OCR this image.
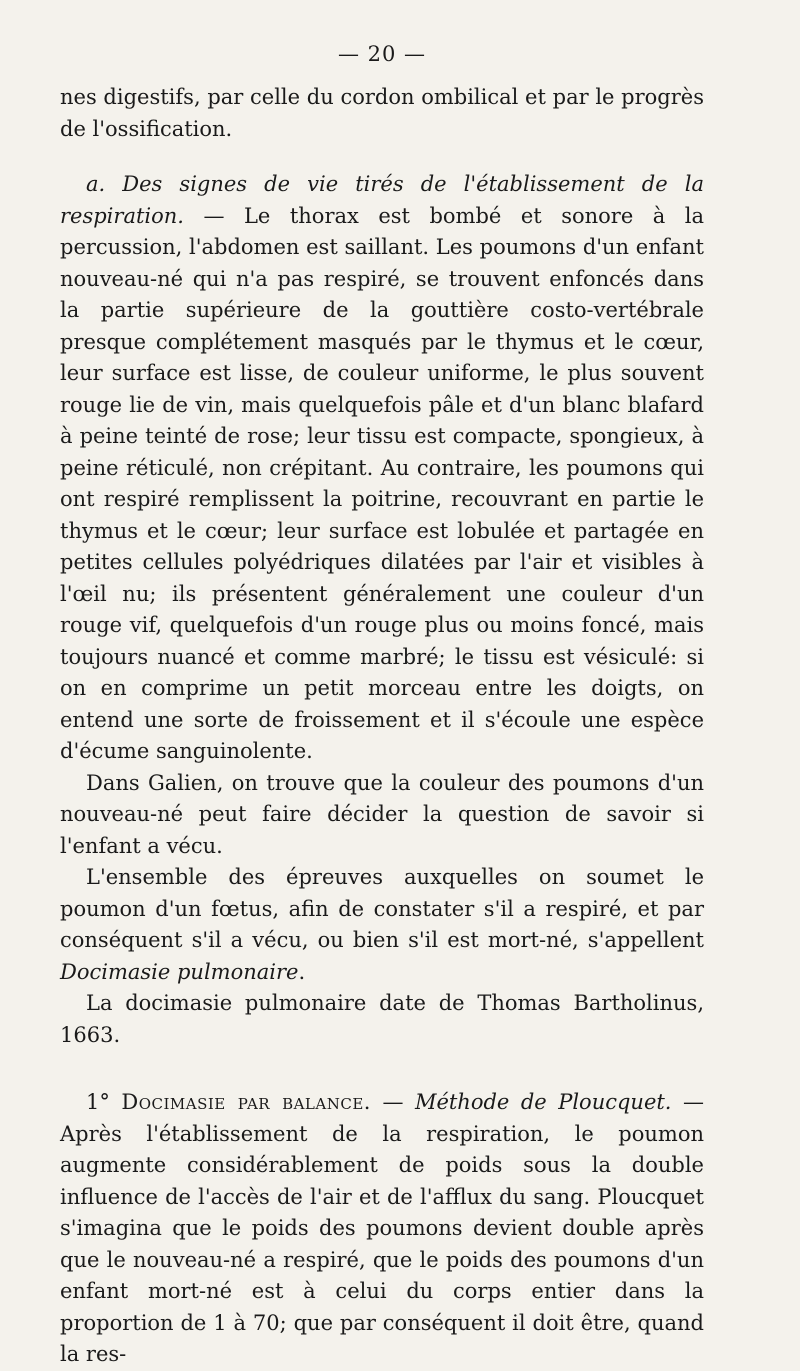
— 20 —

nes digestifs, par celle du cordon ombilical et par le progrès de l'ossification.

a. Des signes de vie tirés de l'établissement de la respiration. — Le thorax est bombé et sonore à la percussion, l'abdomen est saillant. Les poumons d'un enfant nouveau-né qui n'a pas respiré, se trouvent enfoncés dans la partie supérieure de la gouttière costo-vertébrale presque complétement masqués par le thymus et le cœur, leur surface est lisse, de couleur uniforme, le plus souvent rouge lie de vin, mais quelquefois pâle et d'un blanc blafard à peine teinté de rose; leur tissu est compacte, spongieux, à peine réticulé, non crépitant. Au contraire, les poumons qui ont respiré remplissent la poitrine, recouvrant en partie le thymus et le cœur; leur surface est lobulée et partagée en petites cellules polyédriques dilatées par l'air et visibles à l'œil nu; ils présentent généralement une couleur d'un rouge vif, quelquefois d'un rouge plus ou moins foncé, mais toujours nuancé et comme marbré; le tissu est vésiculé: si on en comprime un petit morceau entre les doigts, on entend une sorte de froissement et il s'écoule une espèce d'écume sanguinolente.

Dans Galien, on trouve que la couleur des poumons d'un nouveau-né peut faire décider la question de savoir si l'enfant a vécu.

L'ensemble des épreuves auxquelles on soumet le poumon d'un fœtus, afin de constater s'il a respiré, et par conséquent s'il a vécu, ou bien s'il est mort-né, s'appellent Docimasie pulmonaire.

La docimasie pulmonaire date de Thomas Bartholinus, 1663.

1° Docimasie par balance. — Méthode de Ploucquet. — Après l'établissement de la respiration, le poumon augmente considérablement de poids sous la double influence de l'accès de l'air et de l'afflux du sang. Ploucquet s'imagina que le poids des poumons devient double après que le nouveau-né a respiré, que le poids des poumons d'un enfant mort-né est à celui du corps entier dans la proportion de 1 à 70; que par conséquent il doit être, quand la res-
